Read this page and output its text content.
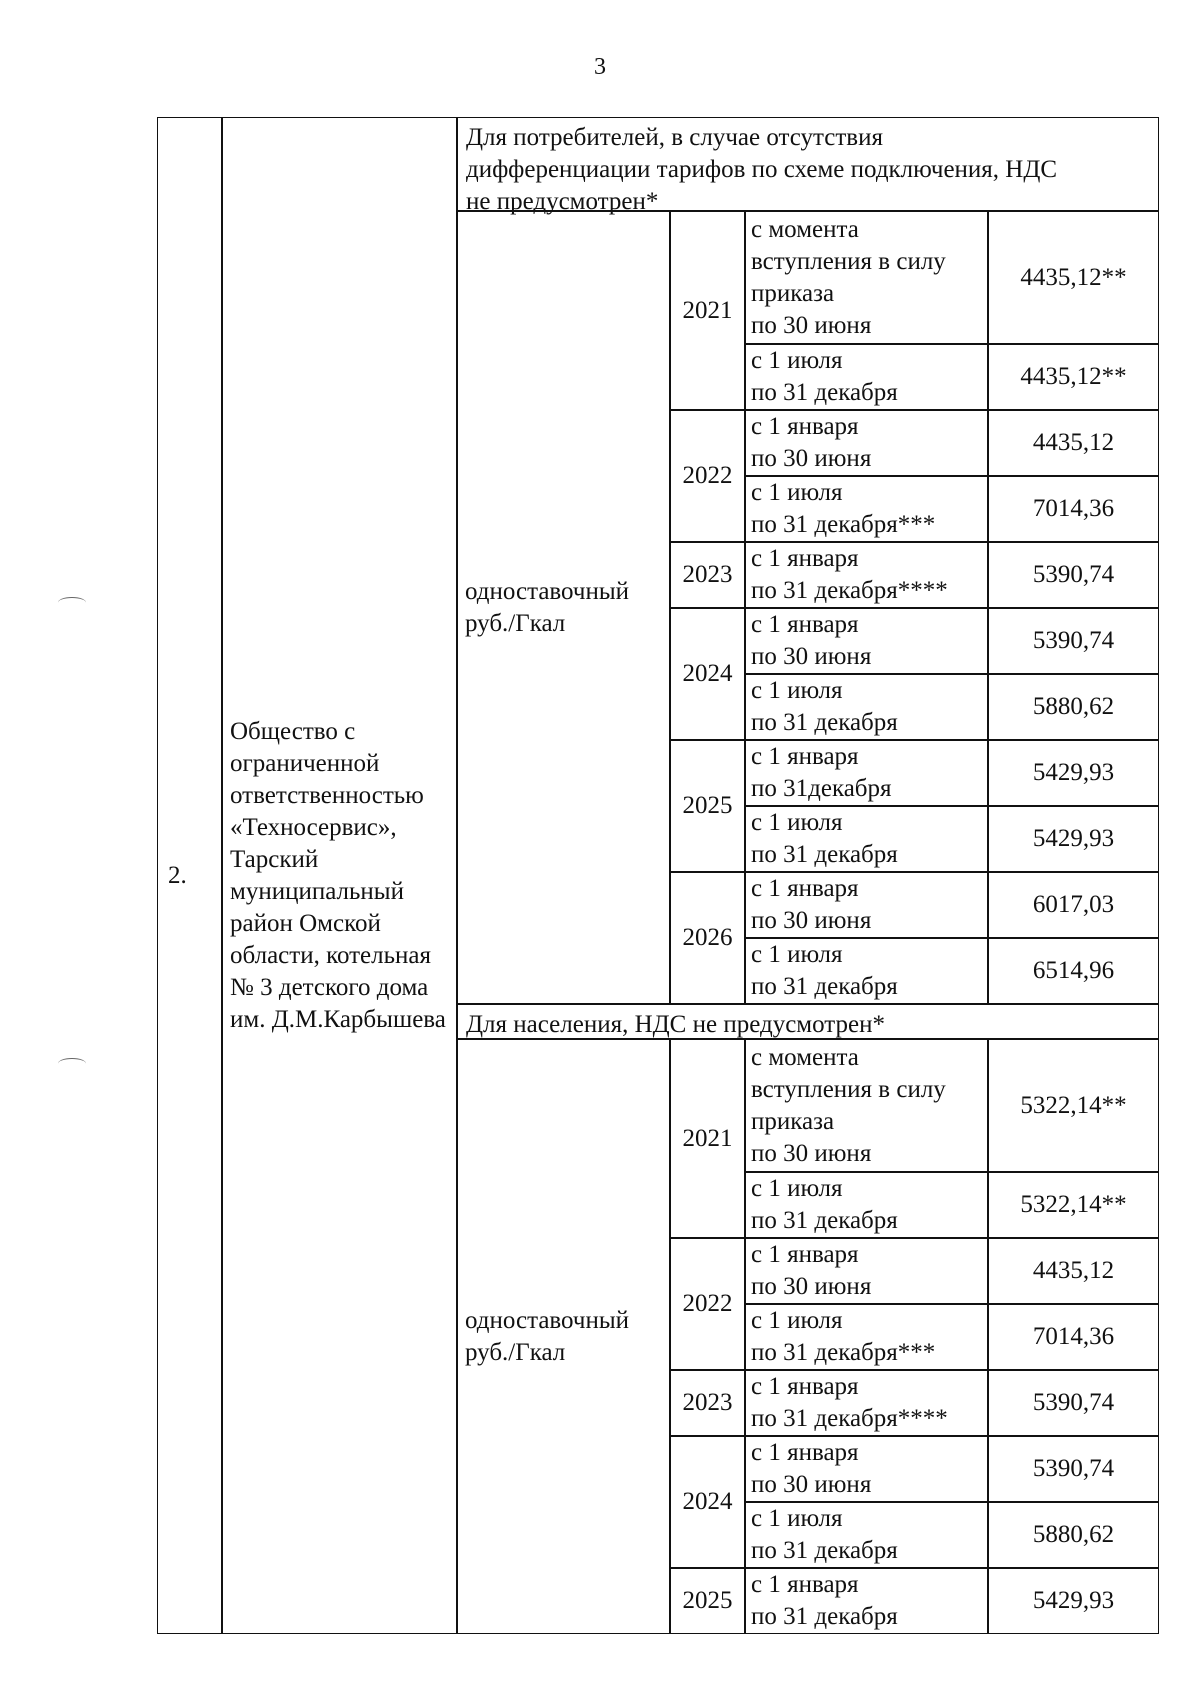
3
2.
Общество с ограниченной ответственностью «Техносервис», Тарский муниципальный район Омской области, котельная № 3 детского дома им. Д.М.Карбышева
Для потребителей, в случае отсутствия
дифференциации тарифов по схеме подключения, НДС
не предусмотрен*
одноставочный
руб./Гкал
2021
с момента
вступления в силу
приказа
по 30 июня
4435,12**
с 1 июля
по 31 декабря
4435,12**
2022
с 1 января
по 30 июня
4435,12
с 1 июля
по 31 декабря***
7014,36
2023
с 1 января
по 31 декабря****
5390,74
2024
с 1 января
по 30 июня
5390,74
с 1 июля
по 31 декабря
5880,62
2025
с 1 января
по 31декабря
5429,93
с 1 июля
по 31 декабря
5429,93
2026
с 1 января
по 30 июня
6017,03
с 1 июля
по 31 декабря
6514,96
Для населения, НДС не предусмотрен*
одноставочный
руб./Гкал
2021
с момента
вступления в силу
приказа
по 30 июня
5322,14**
с 1 июля
по 31 декабря
5322,14**
2022
с 1 января
по 30 июня
4435,12
с 1 июля
по 31 декабря***
7014,36
2023
с 1 января
по 31 декабря****
5390,74
2024
с 1 января
по 30 июня
5390,74
с 1 июля
по 31 декабря
5880,62
2025
с 1 января
по 31 декабря
5429,93
